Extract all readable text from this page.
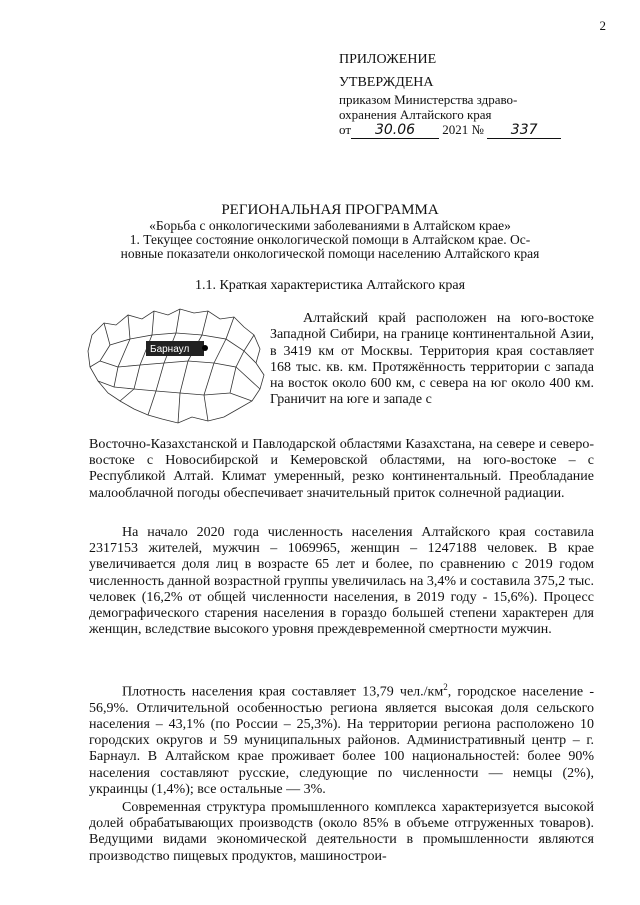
2
ПРИЛОЖЕНИЕ
УТВЕРЖДЕНА
приказом Министерства здраво-
охранения Алтайского края
от 30.06 2021 № 337
РЕГИОНАЛЬНАЯ ПРОГРАММА
«Борьба с онкологическими заболеваниями в Алтайском крае»
1. Текущее состояние онкологической помощи в Алтайском крае. Ос-
новные показатели онкологической помощи населению Алтайского края
1.1. Краткая характеристика Алтайского края
Барнаул
Алтайский край расположен на юго-востоке Западной Сибири, на границе континентальной Азии, в 3419 км от Москвы. Территория края составляет 168 тыс. кв. км. Протяжённость территории с запада на восток около 600 км, с севера на юг около 400 км. Граничит на юге и западе с
Восточно-Казахстанской и Павлодарской областями Казахстана, на севере и северо-востоке с Новосибирской и Кемеровской областями, на юго-востоке – с Республикой Алтай. Климат умеренный, резко континентальный. Преобладание малооблачной погоды обеспечивает значительный приток солнечной радиации.
На начало 2020 года численность населения Алтайского края составила 2317153 жителей, мужчин – 1069965, женщин – 1247188 человек. В крае увеличивается доля лиц в возрасте 65 лет и более, по сравнению с 2019 годом численность данной возрастной группы увеличилась на 3,4% и составила 375,2 тыс. человек (16,2% от общей численности населения, в 2019 году - 15,6%). Процесс демографического старения населения в гораздо большей степени характерен для женщин, вследствие высокого уровня преждевременной смертности мужчин.
Плотность населения края составляет 13,79 $чел./км^2$, городское население - 56,9%. Отличительной особенностью региона является высокая доля сельского населения – 43,1% (по России – 25,3%). На территории региона расположено 10 городских округов и 59 муниципальных районов. Административный центр – г. Барнаул. В Алтайском крае проживает более 100 национальностей: более 90% населения составляют русские, следующие по численности — немцы (2%), украинцы (1,4%); все остальные — 3%.
Современная структура промышленного комплекса характеризуется высокой долей обрабатывающих производств (около 85% в объеме отгруженных товаров). Ведущими видами экономической деятельности в промышленности являются производство пищевых продуктов, машинострои-
